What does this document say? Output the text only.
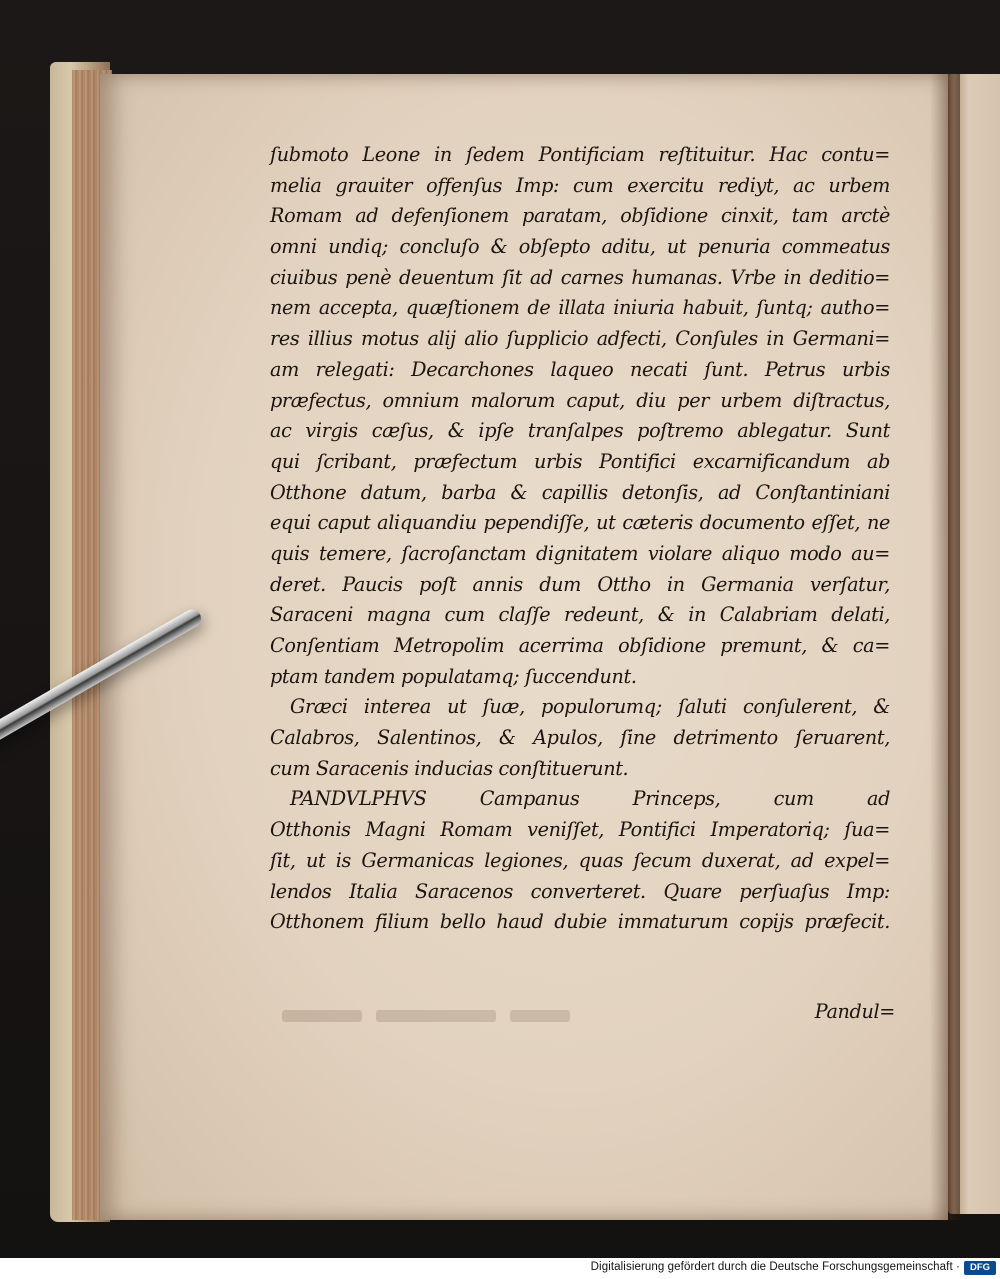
ſubmoto Leone in ſedem Pontificiam reſtituitur. Hac contu=
melia grauiter offenſus Imp: cum exercitu rediyt, ac urbem
Romam ad defenſionem paratam, obſidione cinxit, tam arctè
omni undiq; concluſo & obſepto aditu, ut penuria commeatus
ciuibus penè deuentum ſit ad carnes humanas. Vrbe in deditio=
nem accepta, quæſtionem de illata iniuria habuit, ſuntq; autho=
res illius motus alij alio ſupplicio adfecti, Conſules in Germani=
am relegati: Decarchones laqueo necati ſunt. Petrus urbis
præfectus, omnium malorum caput, diu per urbem diſtractus,
ac virgis cæſus, & ipſe tranſalpes poſtremo ablegatur. Sunt
qui ſcribant, præfectum urbis Pontifici excarnificandum ab
Otthone datum, barba & capillis detonſis, ad Conſtantiniani
equi caput aliquandiu pependiſſe, ut cæteris documento eſſet, ne
quis temere, ſacroſanctam dignitatem violare aliquo modo au=
deret. Paucis poſt annis dum Ottho in Germania verſatur,
Saraceni magna cum claſſe redeunt, & in Calabriam delati,
Conſentiam Metropolim acerrima obſidione premunt, & ca=
ptam tandem populatamq; ſuccendunt.
Græci interea ut ſuæ, populorumq; ſaluti conſulerent, &
Calabros, Salentinos, & Apulos, ſine detrimento ſeruarent,
cum Saracenis inducias conſtituerunt.
PANDVLPHVS Campanus Princeps, cum ad
Otthonis Magni Romam veniſſet, Pontifici Imperatoriq; ſua=
ſit, ut is Germanicas legiones, quas ſecum duxerat, ad expel=
lendos Italia Saracenos converteret. Quare perſuaſus Imp:
Otthonem filium bello haud dubie immaturum copijs præfecit.
Pandul=
Digitalisierung gefördert durch die Deutsche Forschungsgemeinschaft ·	DFG
